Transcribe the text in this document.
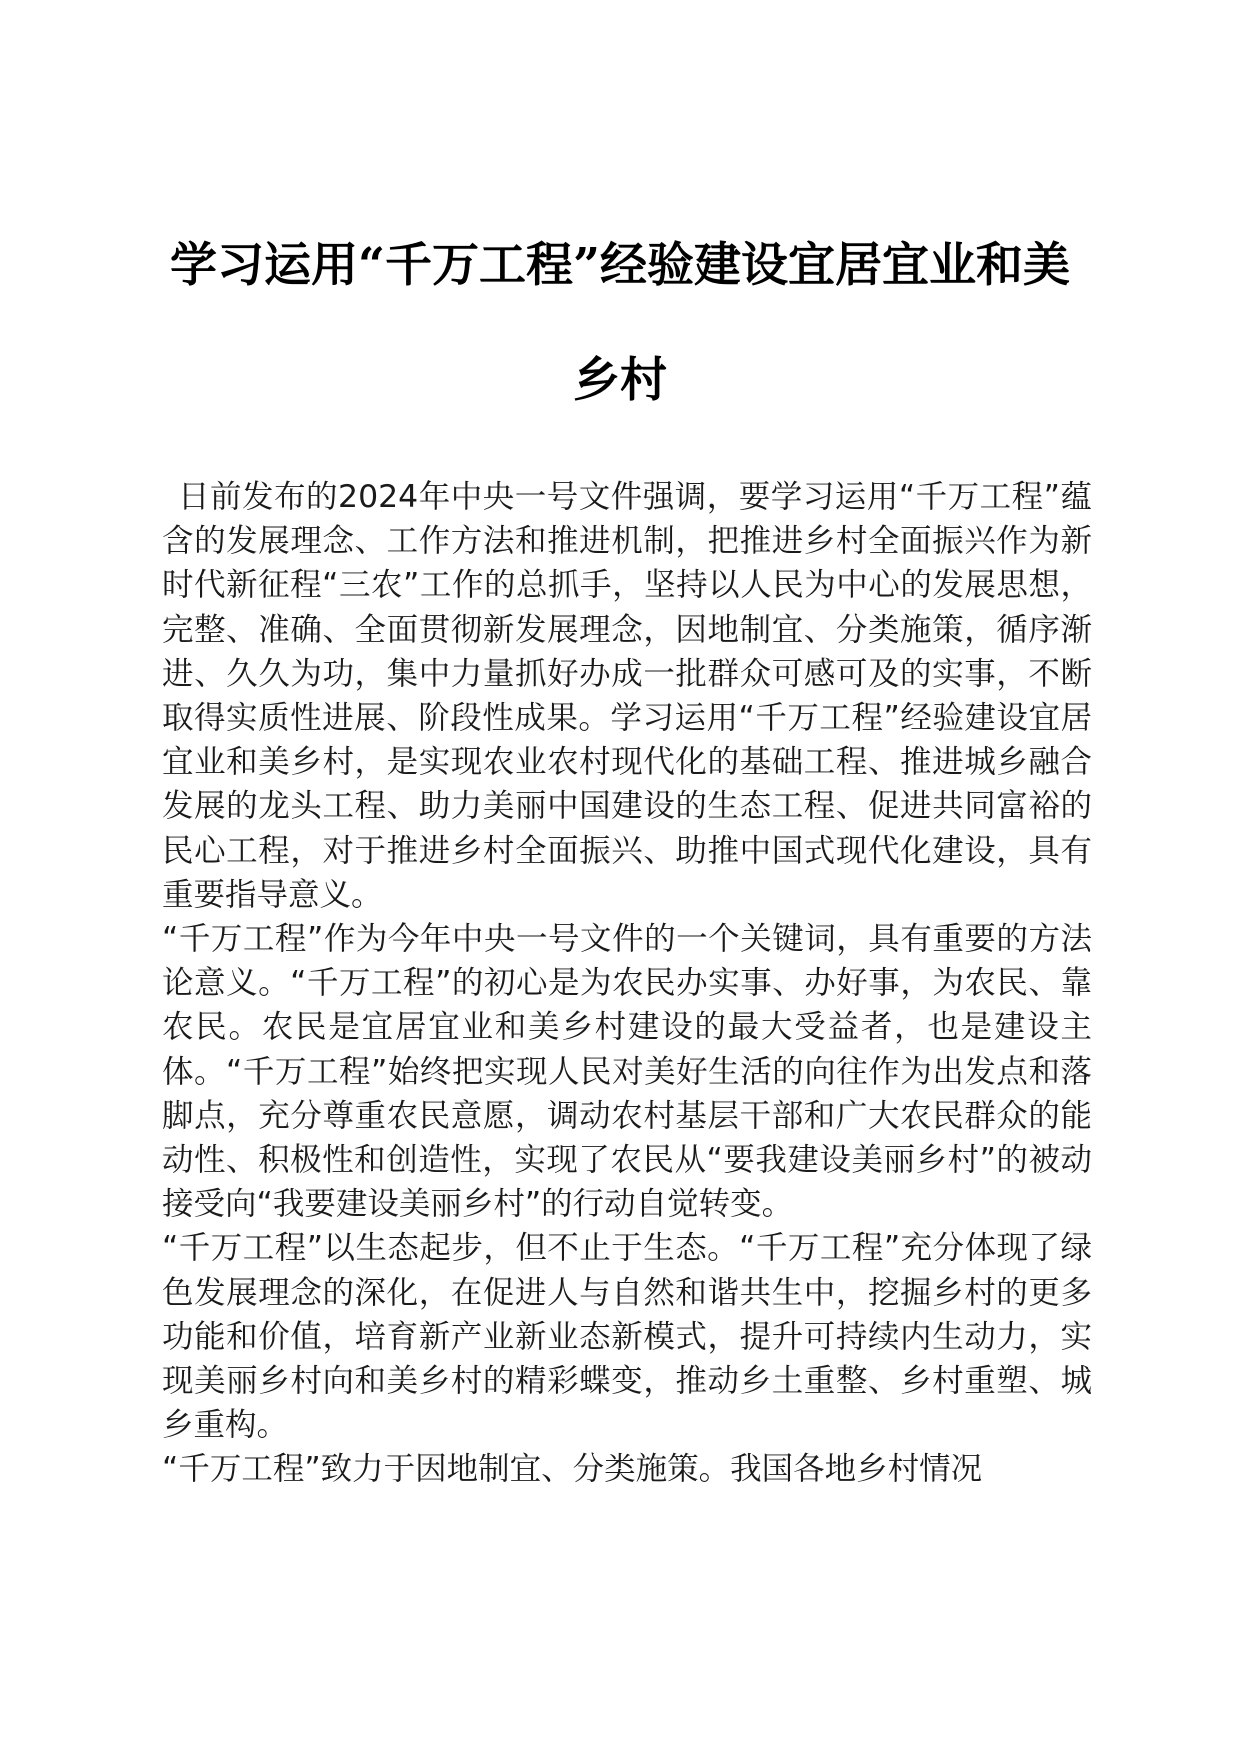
学习运用“千万工程”经验建设宜居宜业和美
乡村

日前发布的2024年中央一号文件强调，要学习运用“千万工程”蕴含的发展理念、工作方法和推进机制，把推进乡村全面振兴作为新时代新征程“三农”工作的总抓手，坚持以人民为中心的发展思想，完整、准确、全面贯彻新发展理念，因地制宜、分类施策，循序渐进、久久为功，集中力量抓好办成一批群众可感可及的实事，不断取得实质性进展、阶段性成果。学习运用“千万工程”经验建设宜居宜业和美乡村，是实现农业农村现代化的基础工程、推进城乡融合发展的龙头工程、助力美丽中国建设的生态工程、促进共同富裕的民心工程，对于推进乡村全面振兴、助推中国式现代化建设，具有重要指导意义。

“千万工程”作为今年中央一号文件的一个关键词，具有重要的方法论意义。“千万工程”的初心是为农民办实事、办好事，为农民、靠农民。农民是宜居宜业和美乡村建设的最大受益者，也是建设主体。“千万工程”始终把实现人民对美好生活的向往作为出发点和落脚点，充分尊重农民意愿，调动农村基层干部和广大农民群众的能动性、积极性和创造性，实现了农民从“要我建设美丽乡村”的被动接受向“我要建设美丽乡村”的行动自觉转变。

“千万工程”以生态起步，但不止于生态。“千万工程”充分体现了绿色发展理念的深化，在促进人与自然和谐共生中，挖掘乡村的更多功能和价值，培育新产业新业态新模式，提升可持续内生动力，实现美丽乡村向和美乡村的精彩蝶变，推动乡土重整、乡村重塑、城乡重构。

“千万工程”致力于因地制宜、分类施策。我国各地乡村情况
